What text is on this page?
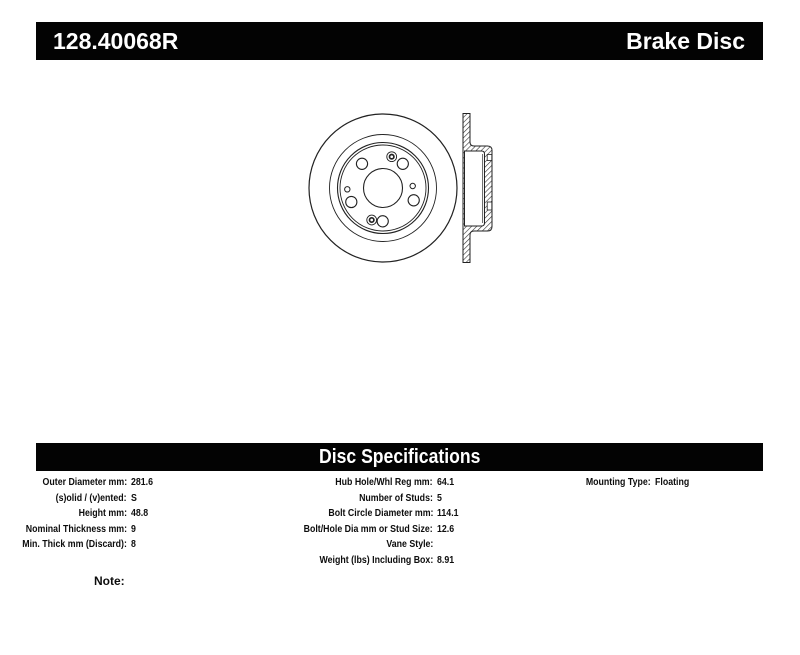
128.40068R	Brake Disc
Disc Specifications
Outer Diameter mm: 281.6
(s)olid / (v)ented: S
Height mm: 48.8
Nominal Thickness mm: 9
Min. Thick mm (Discard): 8
Hub Hole/Whl Reg mm: 64.1
Number of Studs: 5
Bolt Circle Diameter mm: 114.1
Bolt/Hole Dia mm or Stud Size: 12.6
Vane Style:
Weight (lbs) Including Box: 8.91
Mounting Type: Floating
Note:
